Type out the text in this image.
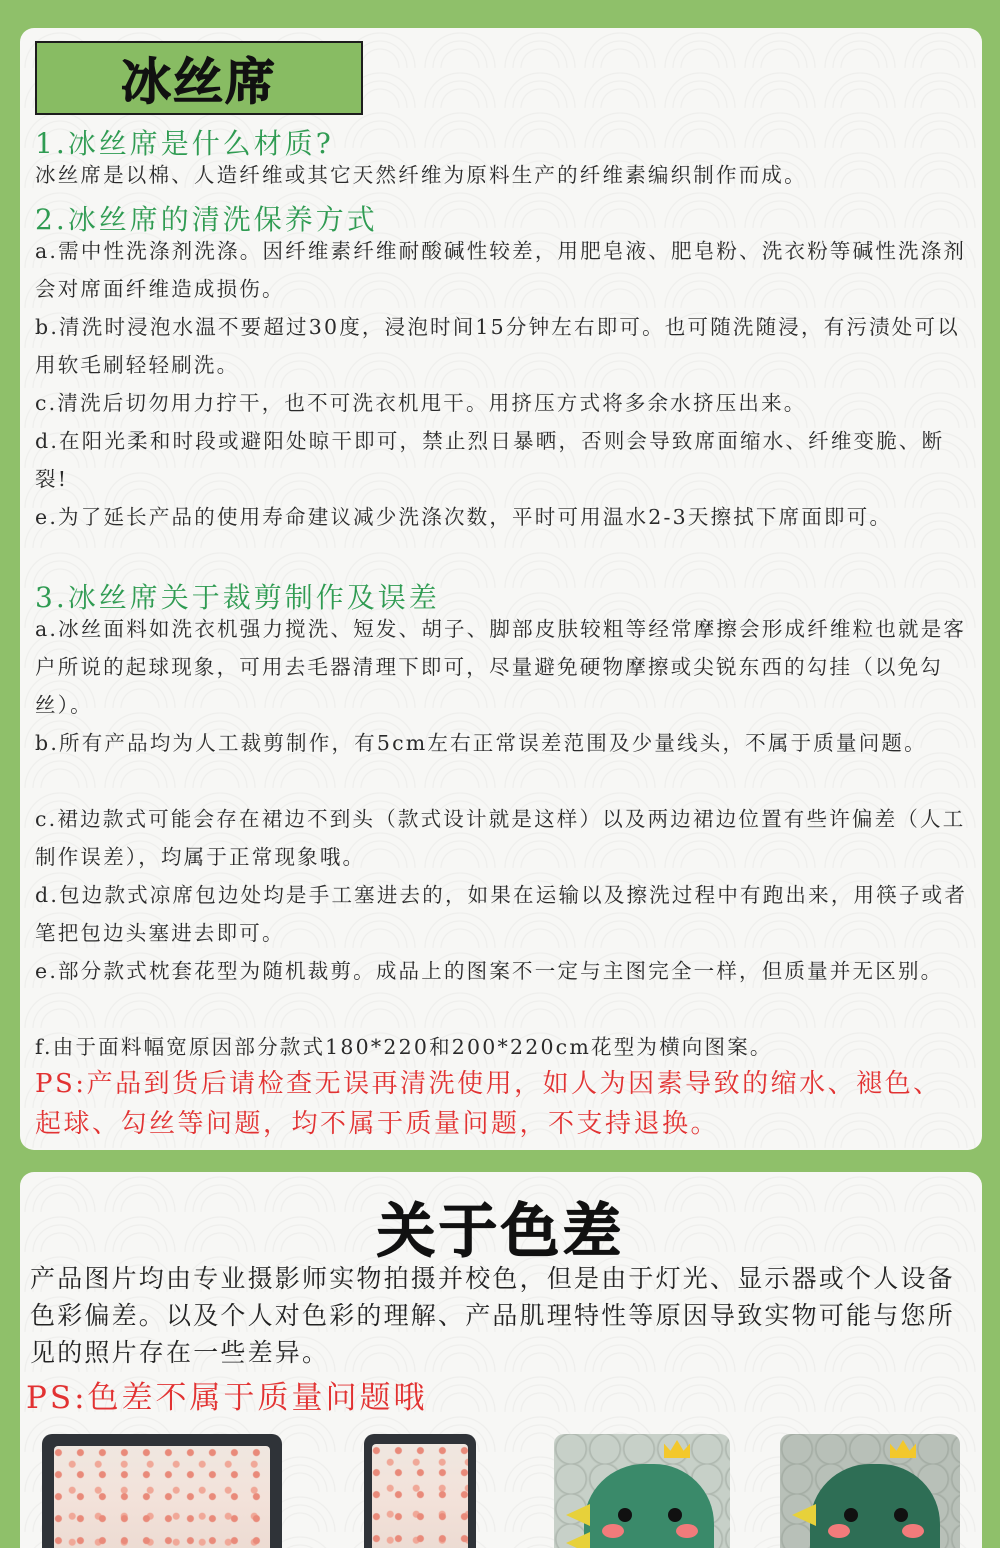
冰丝席
1.冰丝席是什么材质?
冰丝席是以棉、人造纤维或其它天然纤维为原料生产的纤维素编织制作而成。
2.冰丝席的清洗保养方式
a.需中性洗涤剂洗涤。因纤维素纤维耐酸碱性较差，用肥皂液、肥皂粉、洗衣粉等碱性洗涤剂会对席面纤维造成损伤。
b.清洗时浸泡水温不要超过30度，浸泡时间15分钟左右即可。也可随洗随浸，有污渍处可以用软毛刷轻轻刷洗。
c.清洗后切勿用力拧干，也不可洗衣机甩干。用挤压方式将多余水挤压出来。
d.在阳光柔和时段或避阳处晾干即可，禁止烈日暴晒，否则会导致席面缩水、纤维变脆、断裂!
e.为了延长产品的使用寿命建议减少洗涤次数，平时可用温水2-3天擦拭下席面即可。
3.冰丝席关于裁剪制作及误差
a.冰丝面料如洗衣机强力搅洗、短发、胡子、脚部皮肤较粗等经常摩擦会形成纤维粒也就是客户所说的起球现象，可用去毛器清理下即可，尽量避免硬物摩擦或尖锐东西的勾挂（以免勾丝）。
b.所有产品均为人工裁剪制作，有5cm左右正常误差范围及少量线头，不属于质量问题。
c.裙边款式可能会存在裙边不到头（款式设计就是这样）以及两边裙边位置有些许偏差（人工制作误差），均属于正常现象哦。
d.包边款式凉席包边处均是手工塞进去的，如果在运输以及擦洗过程中有跑出来，用筷子或者笔把包边头塞进去即可。
e.部分款式枕套花型为随机裁剪。成品上的图案不一定与主图完全一样，但质量并无区别。
f.由于面料幅宽原因部分款式180*220和200*220cm花型为横向图案。
PS:产品到货后请检查无误再清洗使用，如人为因素导致的缩水、褪色、起球、勾丝等问题，均不属于质量问题，不支持退换。
关于色差
产品图片均由专业摄影师实物拍摄并校色，但是由于灯光、显示器或个人设备色彩偏差。以及个人对色彩的理解、产品肌理特性等原因导致实物可能与您所见的照片存在一些差异。
PS:色差不属于质量问题哦
